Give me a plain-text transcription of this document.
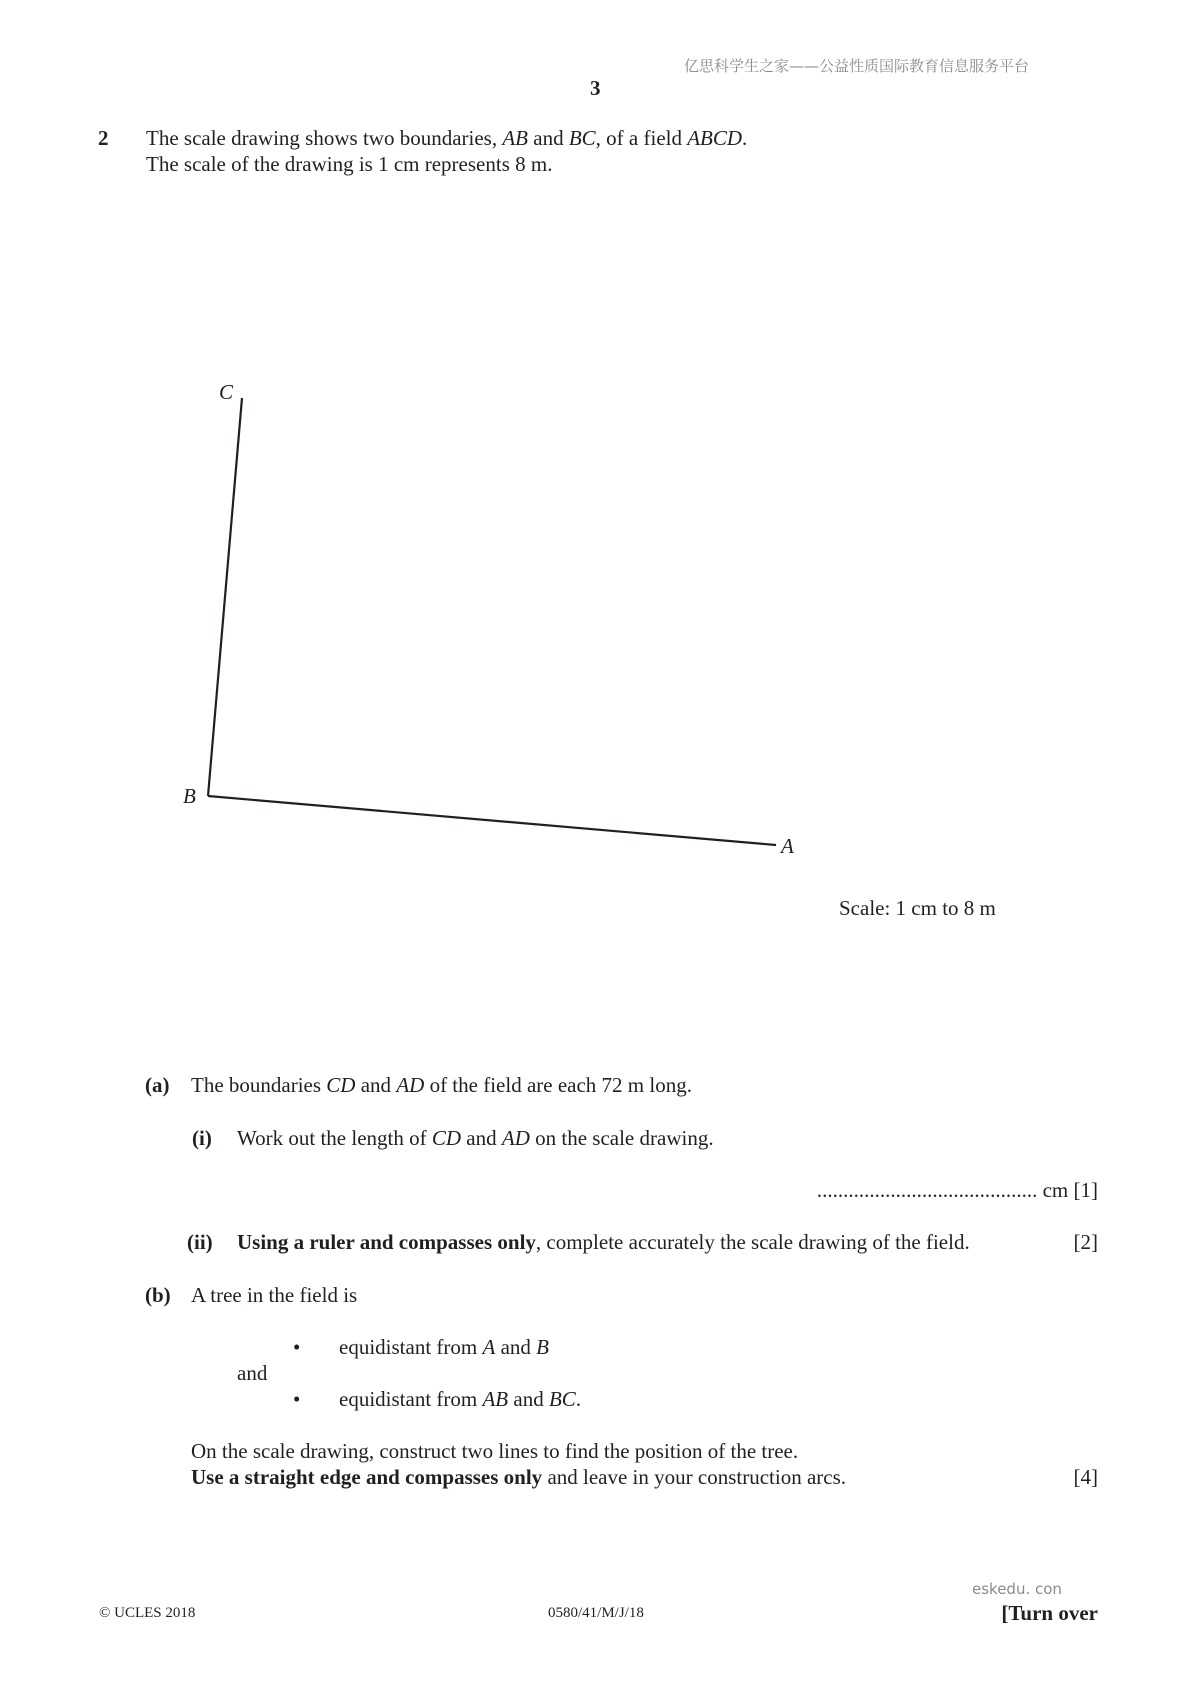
亿思科学生之家——公益性质国际教育信息服务平台
3
2 The scale drawing shows two boundaries, AB and BC, of a field ABCD.
The scale of the drawing is 1 cm represents 8 m.
C
B
A
Scale: 1 cm to 8 m
(a) The boundaries CD and AD of the field are each 72 m long.
(i) Work out the length of CD and AD on the scale drawing.
.......................................... cm [1]
(ii) Using a ruler and compasses only, complete accurately the scale drawing of the field.	[2]
(b) A tree in the field is
• equidistant from A and B
and
• equidistant from AB and BC.
On the scale drawing, construct two lines to find the position of the tree.
Use a straight edge and compasses only and leave in your construction arcs.	[4]
eskedu. con
© UCLES 2018	0580/41/M/J/18	[Turn over
